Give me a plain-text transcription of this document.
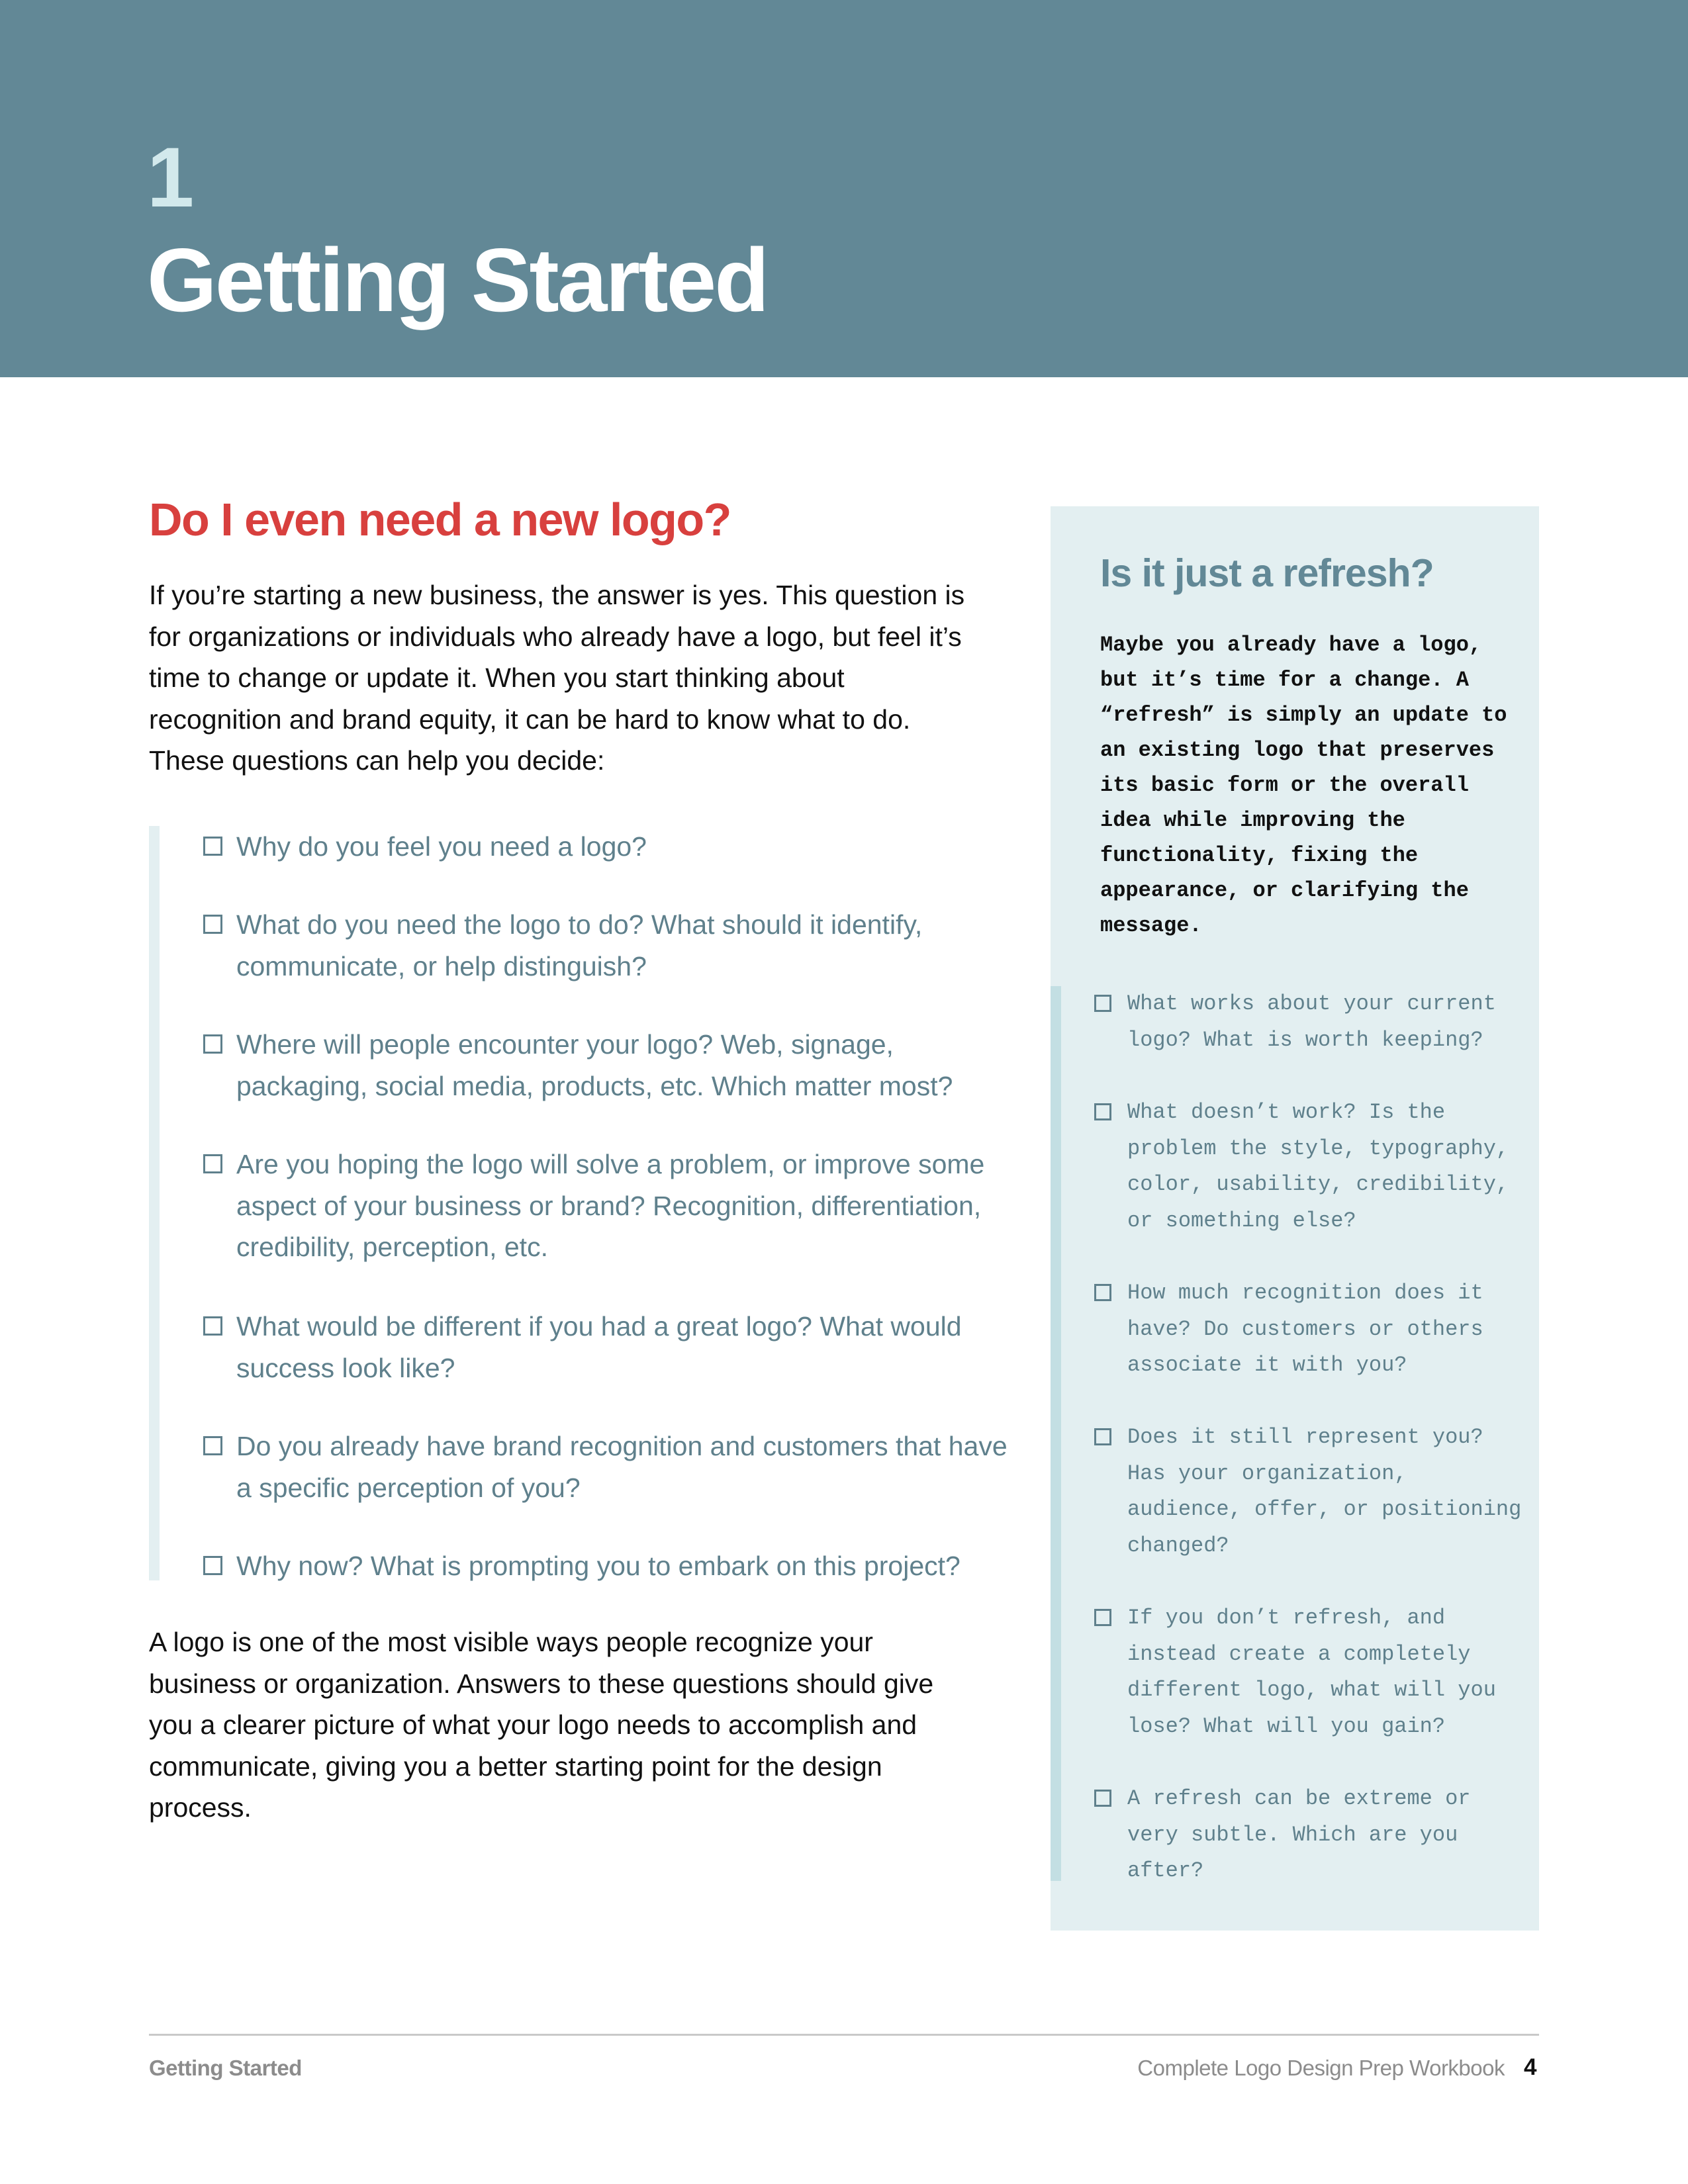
1
Getting Started
Do I even need a new logo?

If you’re starting a new business, the answer is yes. This question is for organizations or individuals who already have a logo, but feel it’s time to change or update it. When you start thinking about recognition and brand equity, it can be hard to know what to do. These questions can help you decide:

Why do you feel you need a logo?
What do you need the logo to do? What should it identify, communicate, or help distinguish?
Where will people encounter your logo? Web, signage, packaging, social media, products, etc. Which matter most?
Are you hoping the logo will solve a problem, or improve some aspect of your business or brand? Recognition, differentiation, credibility, perception, etc.
What would be different if you had a great logo? What would success look like?
Do you already have brand recognition and customers that have a specific perception of you?
Why now? What is prompting you to embark on this project?

A logo is one of the most visible ways people recognize your business or organization. Answers to these questions should give you a clearer picture of what your logo needs to accomplish and communicate, giving you a better starting point for the design process.

Is it just a refresh?

Maybe you already have a logo, but it’s time for a change. A “refresh” is simply an update to an existing logo that preserves its basic form or the overall idea while improving the functionality, fixing the appearance, or clarifying the message.

What works about your current logo? What is worth keeping?
What doesn’t work? Is the problem the style, typography, color, usability, credibility, or something else?
How much recognition does it have? Do customers or others associate it with you?
Does it still represent you? Has your organization, audience, offer, or positioning changed?
If you don’t refresh, and instead create a completely different logo, what will you lose? What will you gain?
A refresh can be extreme or very subtle. Which are you after?
Getting Started	Complete Logo Design Prep Workbook 4
